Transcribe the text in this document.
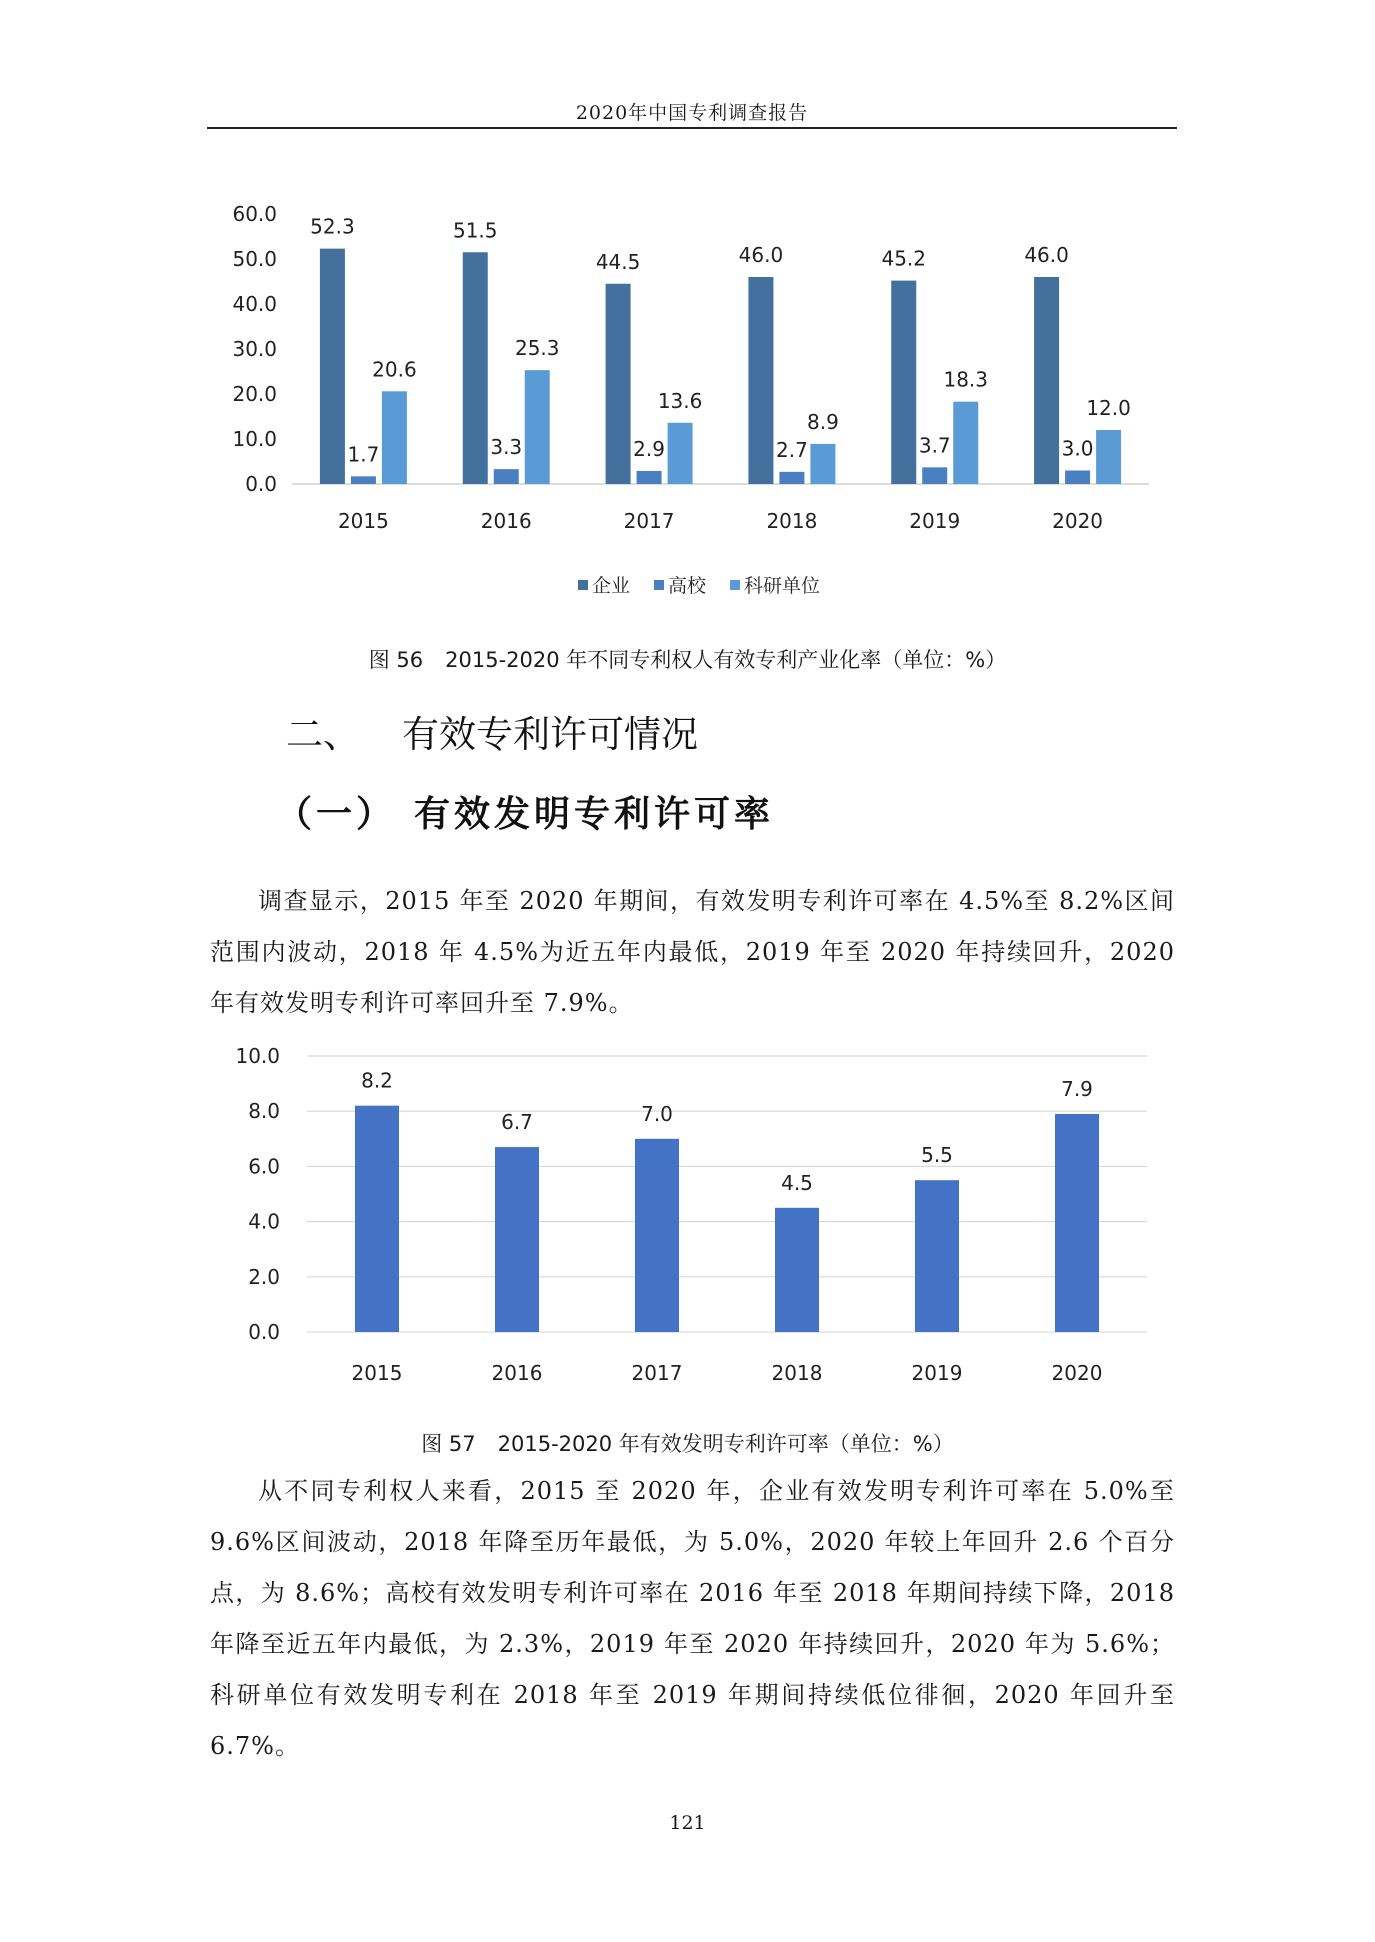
2020年中国专利调查报告
0.0
10.0
20.0
30.0
40.0
50.0
60.0
2015
52.3
1.7
20.6
2016
51.5
3.3
25.3
2017
44.5
2.9
13.6
2018
46.0
2.7
8.9
2019
45.2
3.7
18.3
2020
46.0
3.0
12.0
企业 高校 科研单位
图 56 2015-2020 年不同专利权人有效专利产业化率（单位：%）
二、 有效专利许可情况
（一） 有效发明专利许可率

调查显示，2015 年至 2020 年期间，有效发明专利许可率在 4.5%至 8.2%区间范围内波动，2018 年 4.5%为近五年内最低，2019 年至 2020 年持续回升，2020 年有效发明专利许可率回升至 7.9%。

0.0
2.0
4.0
6.0
8.0
10.0
8.2
2015
6.7
2016
7.0
2017
4.5
2018
5.5
2019
7.9
2020
图 57 2015-2020 年有效发明专利许可率（单位：%）

从不同专利权人来看，2015 至 2020 年，企业有效发明专利许可率在 5.0%至 9.6%区间波动，2018 年降至历年最低，为 5.0%，2020 年较上年回升 2.6 个百分点，为 8.6%；高校有效发明专利许可率在 2016 年至 2018 年期间持续下降，2018 年降至近五年内最低，为 2.3%，2019 年至 2020 年持续回升，2020 年为 5.6%；科研单位有效发明专利在 2018 年至 2019 年期间持续低位徘徊，2020 年回升至 6.7%。

121
